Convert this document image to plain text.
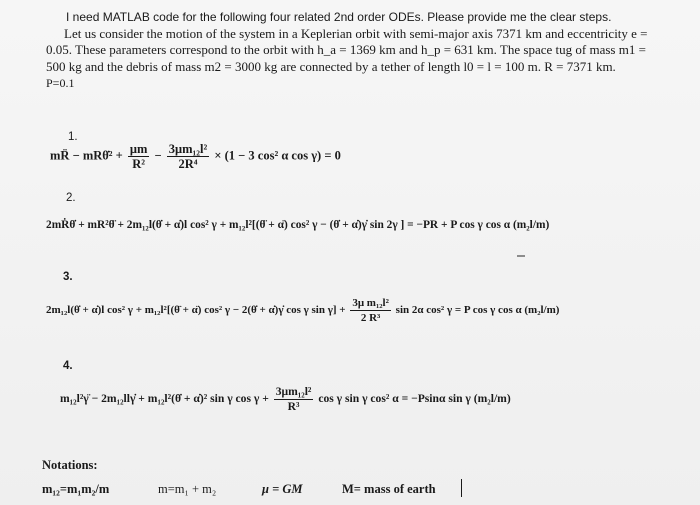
I need MATLAB code for the following four related 2nd order ODEs. Please provide me the clear steps.
Let us consider the motion of the system in a Keplerian orbit with semi-major axis 7371 km and eccentricity e =
0.05. These parameters correspond to the orbit with h_a = 1369 km and h_p = 631 km. The space tug of mass m1 =
500 kg and the debris of mass m2 = 3000 kg are connected by a tether of length l0 = l = 100 m. R = 7371 km.
P=0.1
1.
mR̈ − mRθ̇² + $\frac{\mu m}{\text{R²}} - \frac{\text{3μm₁₂l²}}{\text{2R⁴}} \times (1 - 3$ cos² α cos γ) = 0
2.
2mṘθ̇ + mR²θ̈ + 2m₁₂l(θ̇ + α̇)l cos² γ + m₁₂l²[(θ̈ + α̈) cos² γ − (θ̇ + α̇)γ̇ sin 2γ ] = −PR + P cos γ cos α (m₂l/m)
3.
2m₁₂l(θ̇ + α̇)l cos² γ + m₁₂l²[(θ̈ + α̈) cos² γ − 2(θ̇ + α̇)γ̇ cos γ $\sin \gamma] + \frac{\text{3μ m₁₂l²}}{\text{2 R³}}$ sin 2α cos² γ = P cos γ cos α (m₂l/m)
4.
m₁₂l²γ̈ − 2m₁₂llγ̇ + m₁₂l²(θ̇ + α̇)² sin γ $\cos \gamma + \frac{\text{3μm₁₂l²}}{\text{R³}}$ cos γ sin γ cos² α = −Psinα sin γ (m₂l/m)
Notations:
m₁₂=m₁m₂/m	m=m₁ + m₂	μ = GM	M= mass of earth
